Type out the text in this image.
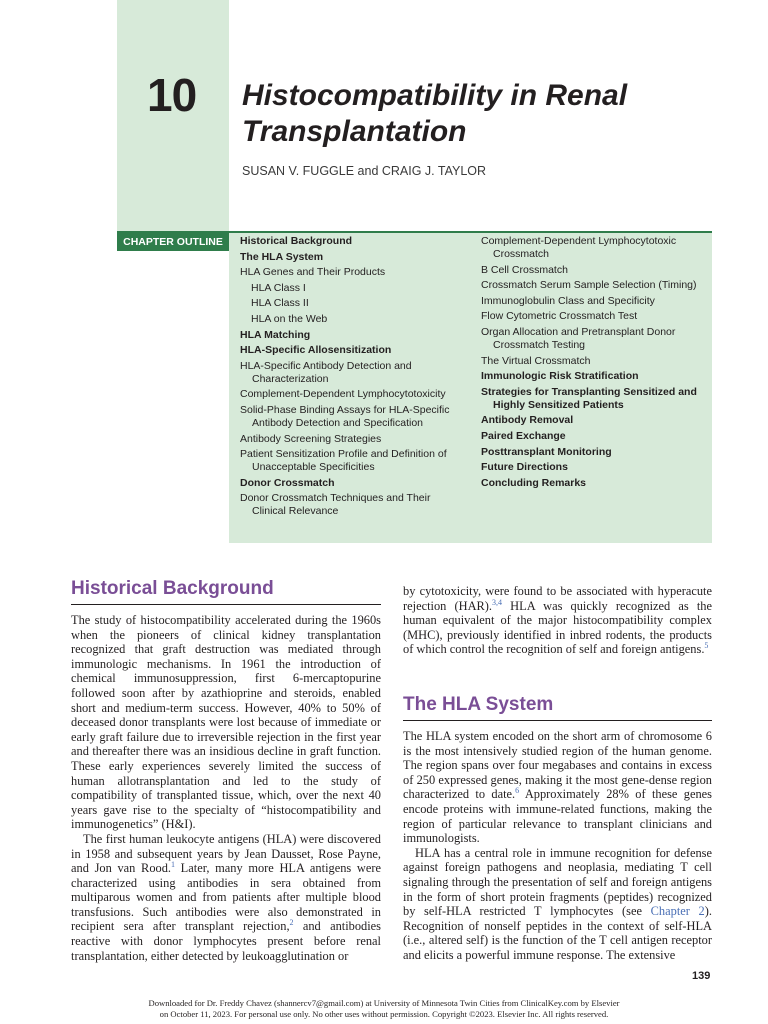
10 Histocompatibility in Renal Transplantation
SUSAN V. FUGGLE and CRAIG J. TAYLOR
CHAPTER OUTLINE	Historical Background
The HLA System
HLA Genes and Their Products
HLA Class I
HLA Class II
HLA on the Web
HLA Matching
HLA-Specific Allosensitization
HLA-Specific Antibody Detection and Characterization
Complement-Dependent Lymphocytotoxicity
Solid-Phase Binding Assays for HLA-Specific Antibody Detection and Specification
Antibody Screening Strategies
Patient Sensitization Profile and Definition of Unacceptable Specificities
Donor Crossmatch
Donor Crossmatch Techniques and Their Clinical Relevance
Complement-Dependent Lymphocytotoxic Crossmatch
B Cell Crossmatch
Crossmatch Serum Sample Selection (Timing)
Immunoglobulin Class and Specificity
Flow Cytometric Crossmatch Test
Organ Allocation and Pretransplant Donor Crossmatch Testing
The Virtual Crossmatch
Immunologic Risk Stratification
Strategies for Transplanting Sensitized and Highly Sensitized Patients
Antibody Removal
Paired Exchange
Posttransplant Monitoring
Future Directions
Concluding Remarks
Historical Background

The study of histocompatibility accelerated during the 1960s when the pioneers of clinical kidney transplantation recognized that graft destruction was mediated through immunologic mechanisms. In 1961 the introduction of chemical immunosuppression, first 6-mercaptopurine followed soon after by azathioprine and steroids, enabled short and medium-term success. However, 40% to 50% of deceased donor transplants were lost because of immediate or early graft failure due to irreversible rejection in the first year and thereafter there was an insidious decline in graft function. These early experiences severely limited the success of human allotransplantation and led to the study of compatibility of transplanted tissue, which, over the next 40 years gave rise to the specialty of “histocompatibility and immunogenetics” (H&I).

The first human leukocyte antigens (HLA) were discovered in 1958 and subsequent years by Jean Dausset, Rose Payne, and Jon van Rood.$^1$ Later, many more HLA antigens were characterized using antibodies in sera obtained from multiparous women and from patients after multiple blood transfusions. Such antibodies were also demonstrated in recipient sera after transplant rejection,$^2$ and antibodies reactive with donor lymphocytes present before renal transplantation, either detected by leukoagglutination or

by cytotoxicity, were found to be associated with hyperacute rejection (HAR).$^{3,4}$ HLA was quickly recognized as the human equivalent of the major histocompatibility complex (MHC), previously identified in inbred rodents, the products of which control the recognition of self and foreign antigens.$^5$

The HLA System

The HLA system encoded on the short arm of chromosome 6 is the most intensively studied region of the human genome. The region spans over four megabases and contains in excess of 250 expressed genes, making it the most gene-dense region characterized to date.$^6$ Approximately 28% of these genes encode proteins with immune-related functions, making the region of particular relevance to transplant clinicians and immunologists.

HLA has a central role in immune recognition for defense against foreign pathogens and neoplasia, mediating T cell signaling through the presentation of self and foreign antigens in the form of short protein fragments (peptides) recognized by self-HLA restricted T lymphocytes (see Chapter 2). Recognition of nonself peptides in the context of self-HLA (i.e., altered self) is the function of the T cell antigen receptor and elicits a powerful immune response. The extensive

139
Downloaded for Dr. Freddy Chavez (shannercv7@gmail.com) at University of Minnesota Twin Cities from ClinicalKey.com by Elsevier
on October 11, 2023. For personal use only. No other uses without permission. Copyright ©2023. Elsevier Inc. All rights reserved.
